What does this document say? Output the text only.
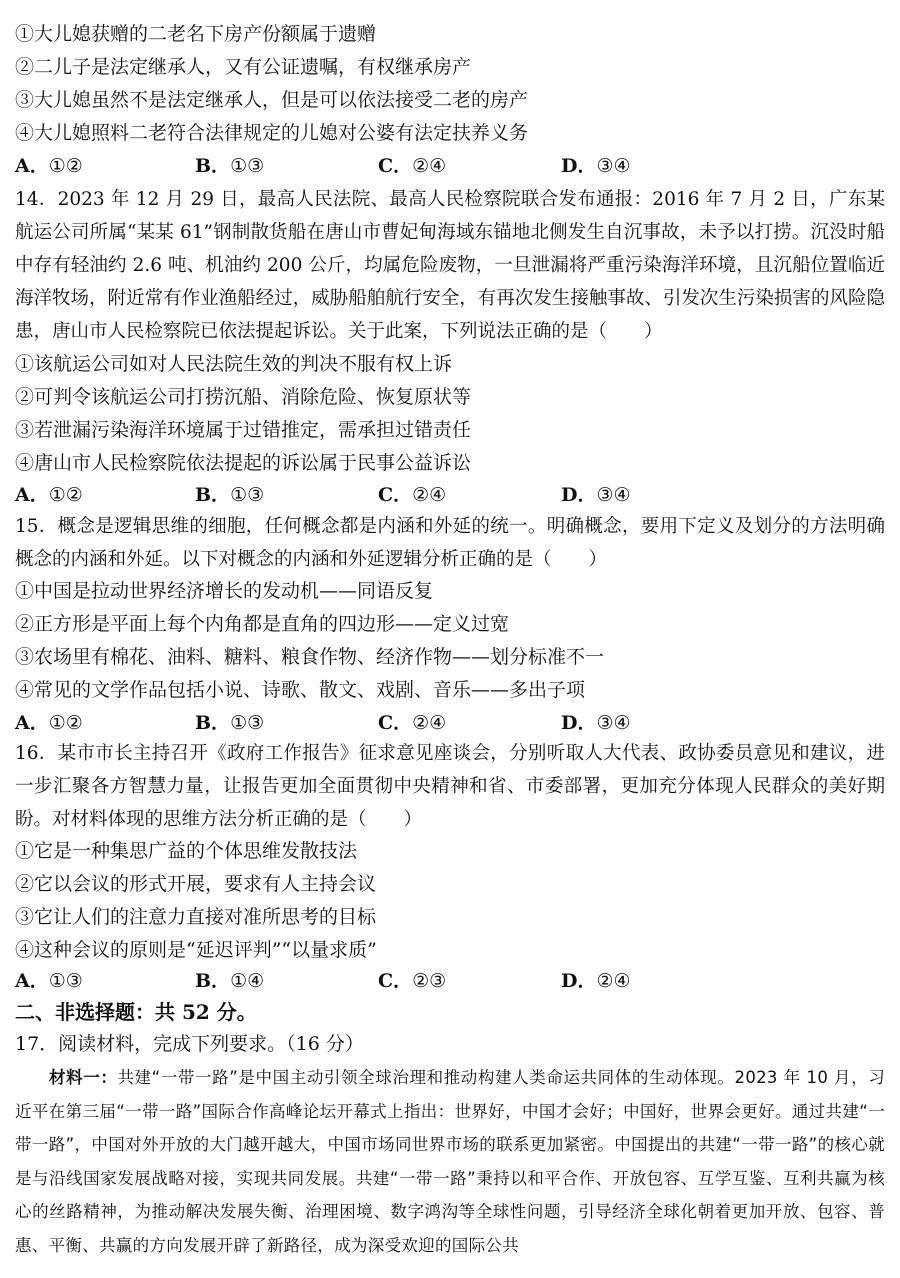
①大儿媳获赠的二老名下房产份额属于遗赠
②二儿子是法定继承人，又有公证遗嘱，有权继承房产
③大儿媳虽然不是法定继承人，但是可以依法接受二老的房产
④大儿媳照料二老符合法律规定的儿媳对公婆有法定扶养义务
A．①②	B．①③	C．②④	D．③④
14．2023 年 12 月 29 日，最高人民法院、最高人民检察院联合发布通报：2016 年 7 月 2 日，广东某航运公司所属“某某 61”钢制散货船在唐山市曹妃甸海域东锚地北侧发生自沉事故，未予以打捞。沉没时船中存有轻油约 2.6 吨、机油约 200 公斤，均属危险废物，一旦泄漏将严重污染海洋环境，且沉船位置临近海洋牧场，附近常有作业渔船经过，威胁船舶航行安全，有再次发生接触事故、引发次生污染损害的风险隐患，唐山市人民检察院已依法提起诉讼。关于此案，下列说法正确的是（　　）
①该航运公司如对人民法院生效的判决不服有权上诉
②可判令该航运公司打捞沉船、消除危险、恢复原状等
③若泄漏污染海洋环境属于过错推定，需承担过错责任
④唐山市人民检察院依法提起的诉讼属于民事公益诉讼
A．①②	B．①③	C．②④	D．③④
15．概念是逻辑思维的细胞，任何概念都是内涵和外延的统一。明确概念，要用下定义及划分的方法明确概念的内涵和外延。以下对概念的内涵和外延逻辑分析正确的是（　　）
①中国是拉动世界经济增长的发动机——同语反复
②正方形是平面上每个内角都是直角的四边形——定义过宽
③农场里有棉花、油料、糖料、粮食作物、经济作物——划分标准不一
④常见的文学作品包括小说、诗歌、散文、戏剧、音乐——多出子项
A．①②	B．①③	C．②④	D．③④
16．某市市长主持召开《政府工作报告》征求意见座谈会，分别听取人大代表、政协委员意见和建议，进一步汇聚各方智慧力量，让报告更加全面贯彻中央精神和省、市委部署，更加充分体现人民群众的美好期盼。对材料体现的思维方法分析正确的是（　　）
①它是一种集思广益的个体思维发散技法
②它以会议的形式开展，要求有人主持会议
③它让人们的注意力直接对准所思考的目标
④这种会议的原则是“延迟评判”“以量求质”
A．①③	B．①④	C．②③	D．②④
二、非选择题：共 52 分。
17．阅读材料，完成下列要求。（16 分）
材料一：共建“一带一路”是中国主动引领全球治理和推动构建人类命运共同体的生动体现。2023 年 10 月，习近平在第三届“一带一路”国际合作高峰论坛开幕式上指出：世界好，中国才会好；中国好，世界会更好。通过共建“一带一路”，中国对外开放的大门越开越大，中国市场同世界市场的联系更加紧密。中国提出的共建“一带一路”的核心就是与沿线国家发展战略对接，实现共同发展。共建“一带一路”秉持以和平合作、开放包容、互学互鉴、互利共赢为核心的丝路精神，为推动解决发展失衡、治理困境、数字鸿沟等全球性问题，引导经济全球化朝着更加开放、包容、普惠、平衡、共赢的方向发展开辟了新路径，成为深受欢迎的国际公共
